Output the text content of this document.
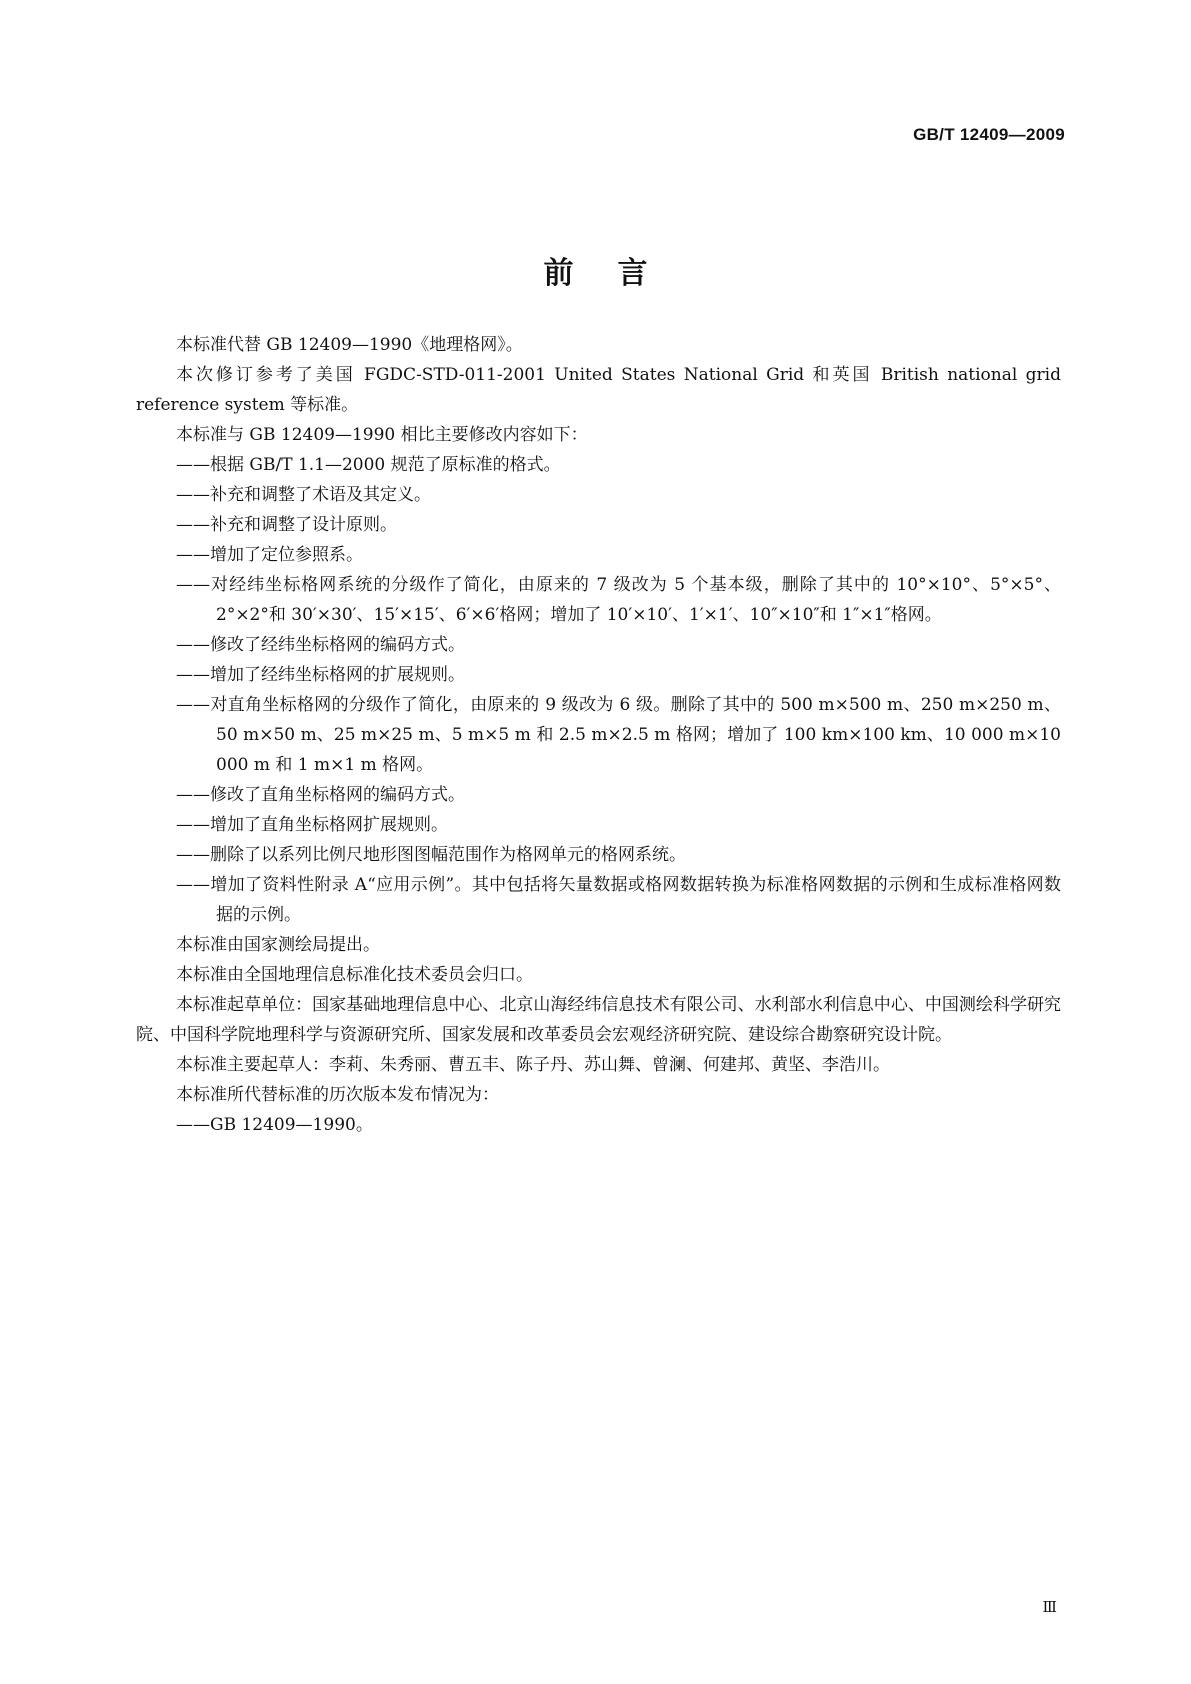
GB/T 12409—2009
前言

本标准代替 GB 12409—1990《地理格网》。

本次修订参考了美国 FGDC-STD-011-2001 United States National Grid 和英国 British national grid reference system 等标准。

本标准与 GB 12409—1990 相比主要修改内容如下：

——根据 GB/T 1.1—2000 规范了原标准的格式。

——补充和调整了术语及其定义。

——补充和调整了设计原则。

——增加了定位参照系。

——对经纬坐标格网系统的分级作了简化，由原来的 7 级改为 5 个基本级，删除了其中的 10°×10°、5°×5°、2°×2°和 30′×30′、15′×15′、6′×6′格网；增加了 10′×10′、1′×1′、10″×10″和 1″×1″格网。

——修改了经纬坐标格网的编码方式。

——增加了经纬坐标格网的扩展规则。

——对直角坐标格网的分级作了简化，由原来的 9 级改为 6 级。删除了其中的 500 m×500 m、250 m×250 m、50 m×50 m、25 m×25 m、5 m×5 m 和 2.5 m×2.5 m 格网；增加了 100 km×100 km、10 000 m×10 000 m 和 1 m×1 m 格网。

——修改了直角坐标格网的编码方式。

——增加了直角坐标格网扩展规则。

——删除了以系列比例尺地形图图幅范围作为格网单元的格网系统。

——增加了资料性附录 A“应用示例”。其中包括将矢量数据或格网数据转换为标准格网数据的示例和生成标准格网数据的示例。

本标准由国家测绘局提出。

本标准由全国地理信息标准化技术委员会归口。

本标准起草单位：国家基础地理信息中心、北京山海经纬信息技术有限公司、水利部水利信息中心、中国测绘科学研究院、中国科学院地理科学与资源研究所、国家发展和改革委员会宏观经济研究院、建设综合勘察研究设计院。

本标准主要起草人：李莉、朱秀丽、曹五丰、陈子丹、苏山舞、曾澜、何建邦、黄坚、李浩川。

本标准所代替标准的历次版本发布情况为：

——GB 12409—1990。

Ⅲ
